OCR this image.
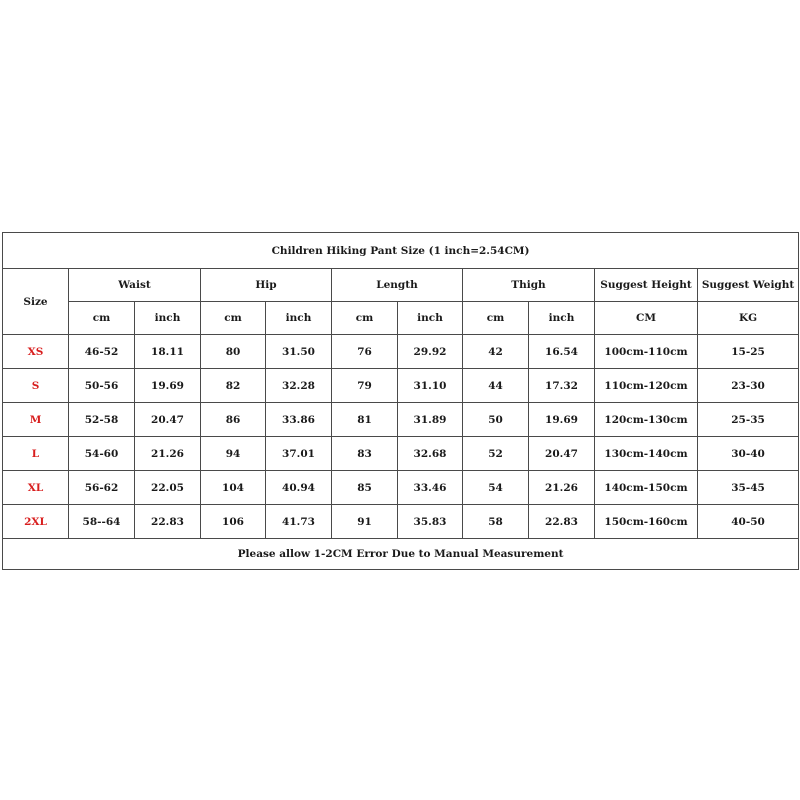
Children Hiking Pant Size (1 inch=2.54CM)										
Size	Waist		Hip		Length		Thigh		Suggest Height	Suggest Weight
	cm	inch	cm	inch	cm	inch	cm	inch	CM	KG
XS	46-52	18.11	80	31.50	76	29.92	42	16.54	100cm-110cm	15-25
S	50-56	19.69	82	32.28	79	31.10	44	17.32	110cm-120cm	23-30
M	52-58	20.47	86	33.86	81	31.89	50	19.69	120cm-130cm	25-35
L	54-60	21.26	94	37.01	83	32.68	52	20.47	130cm-140cm	30-40
XL	56-62	22.05	104	40.94	85	33.46	54	21.26	140cm-150cm	35-45
2XL	58--64	22.83	106	41.73	91	35.83	58	22.83	150cm-160cm	40-50
Please allow 1-2CM Error Due to Manual Measurement										
